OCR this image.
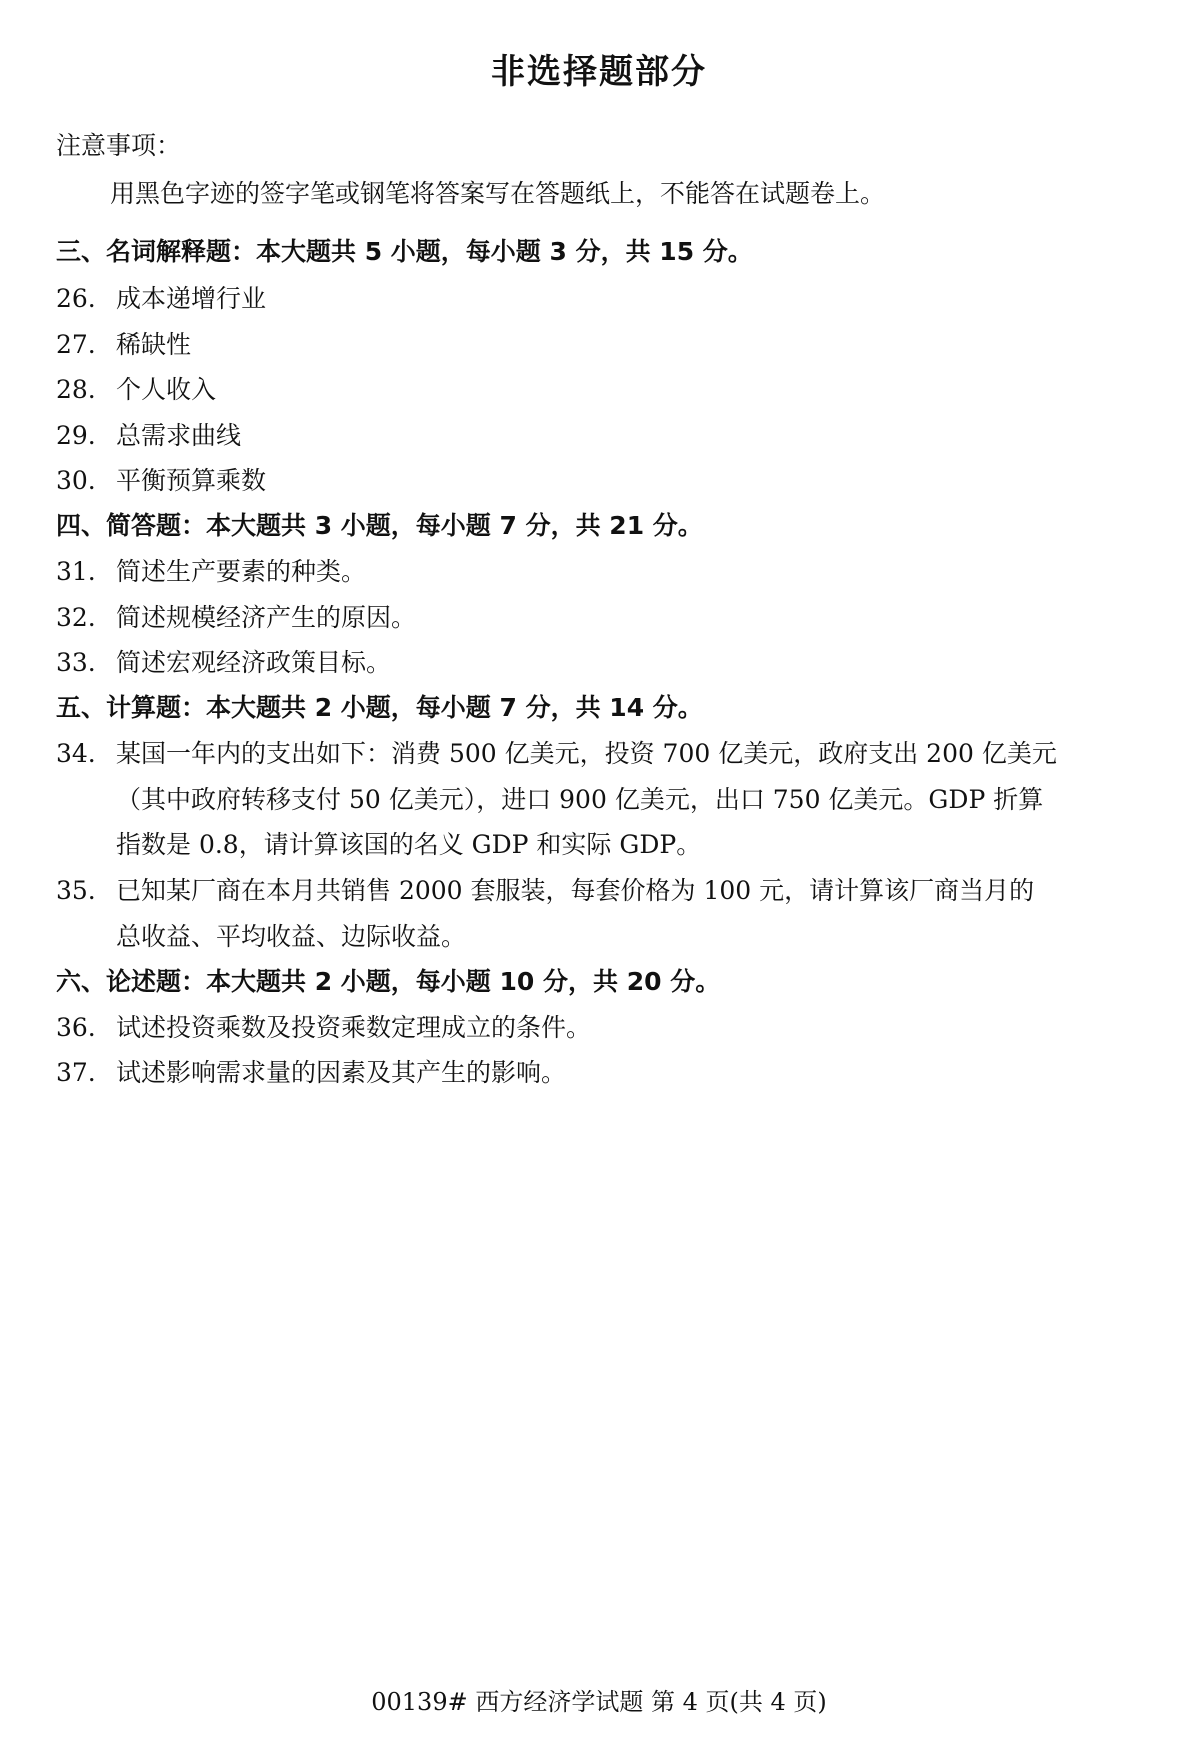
非选择题部分
注意事项：
用黑色字迹的签字笔或钢笔将答案写在答题纸上，不能答在试题卷上。
三、名词解释题：本大题共 5 小题，每小题 3 分，共 15 分。
26. 成本递增行业
27. 稀缺性
28. 个人收入
29. 总需求曲线
30. 平衡预算乘数
四、简答题：本大题共 3 小题，每小题 7 分，共 21 分。
31. 简述生产要素的种类。
32. 简述规模经济产生的原因。
33. 简述宏观经济政策目标。
五、计算题：本大题共 2 小题，每小题 7 分，共 14 分。
34. 某国一年内的支出如下：消费 500 亿美元，投资 700 亿美元，政府支出 200 亿美元
（其中政府转移支付 50 亿美元），进口 900 亿美元，出口 750 亿美元。GDP 折算
指数是 0.8，请计算该国的名义 GDP 和实际 GDP。
35. 已知某厂商在本月共销售 2000 套服装，每套价格为 100 元，请计算该厂商当月的
总收益、平均收益、边际收益。
六、论述题：本大题共 2 小题，每小题 10 分，共 20 分。
36. 试述投资乘数及投资乘数定理成立的条件。
37. 试述影响需求量的因素及其产生的影响。
00139# 西方经济学试题 第 4 页(共 4 页)
